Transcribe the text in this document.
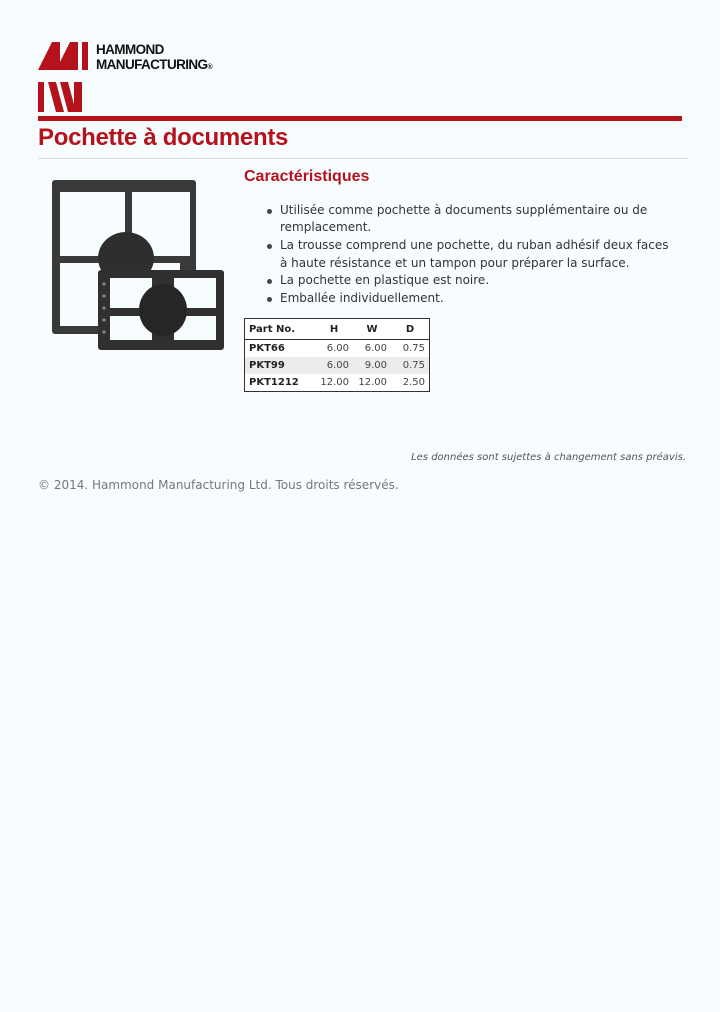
HAMMOND
MANUFACTURING®
Pochette à documents
Caractéristiques
Utilisée comme pochette à documents supplémentaire ou de remplacement.
La trousse comprend une pochette, du ruban adhésif deux faces à haute résistance et un tampon pour préparer la surface.
La pochette en plastique est noire.
Emballée individuellement.
Part No.	H	W	D
PKT66	6.00	6.00	0.75
PKT99	6.00	9.00	0.75
PKT1212	12.00	12.00	2.50
Les données sont sujettes à changement sans préavis.
© 2014. Hammond Manufacturing Ltd. Tous droits réservés.
